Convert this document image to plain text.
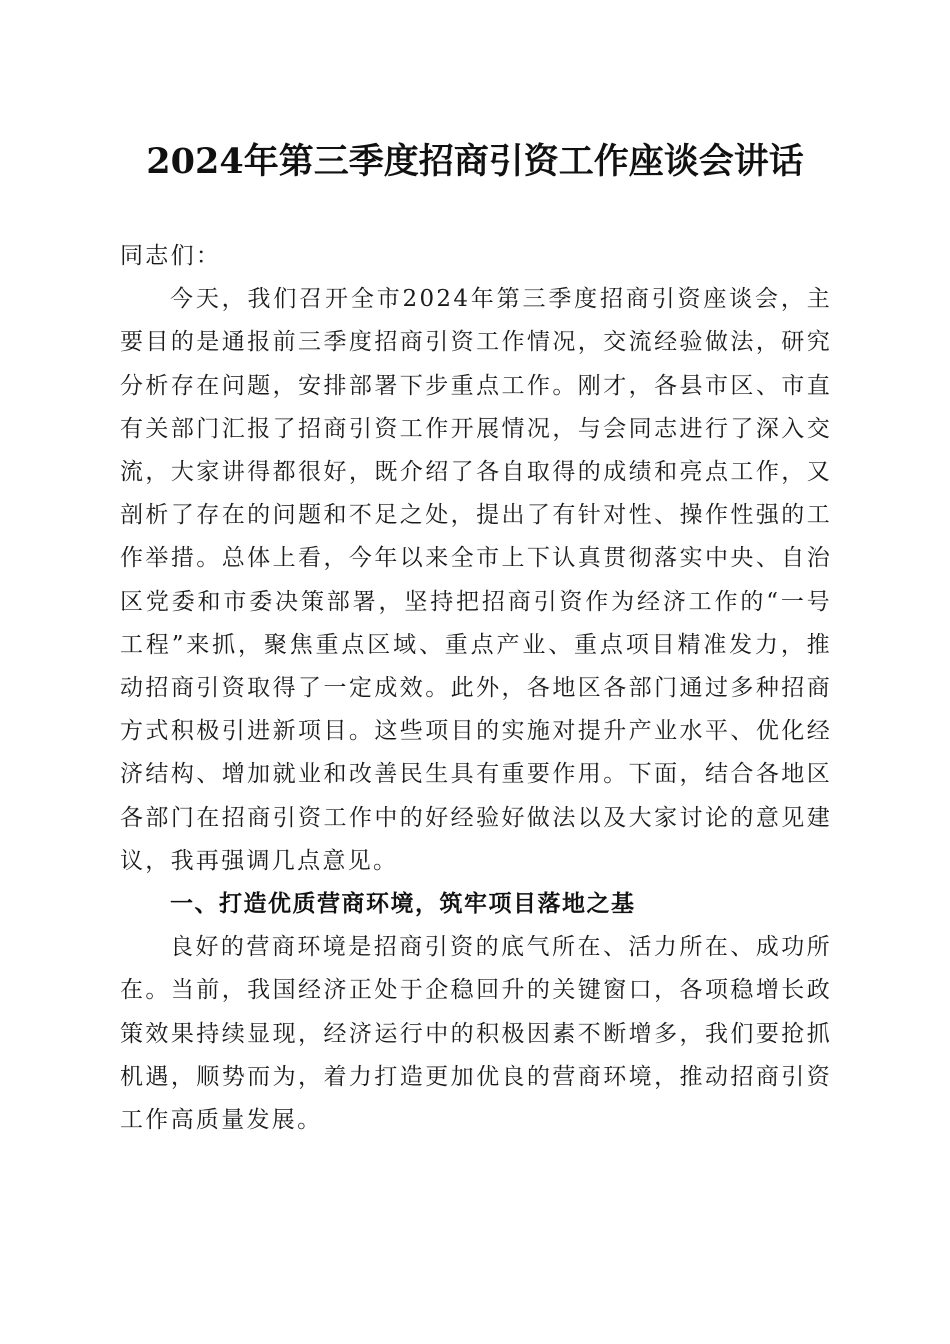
2024年第三季度招商引资工作座谈会讲话

同志们：

今天，我们召开全市2024年第三季度招商引资座谈会，主要目的是通报前三季度招商引资工作情况，交流经验做法，研究分析存在问题，安排部署下步重点工作。刚才，各县市区、市直有关部门汇报了招商引资工作开展情况，与会同志进行了深入交流，大家讲得都很好，既介绍了各自取得的成绩和亮点工作，又剖析了存在的问题和不足之处，提出了有针对性、操作性强的工作举措。总体上看，今年以来全市上下认真贯彻落实中央、自治区党委和市委决策部署，坚持把招商引资作为经济工作的“一号工程”来抓，聚焦重点区域、重点产业、重点项目精准发力，推动招商引资取得了一定成效。此外，各地区各部门通过多种招商方式积极引进新项目。这些项目的实施对提升产业水平、优化经济结构、增加就业和改善民生具有重要作用。下面，结合各地区各部门在招商引资工作中的好经验好做法以及大家讨论的意见建议，我再强调几点意见。

一、打造优质营商环境，筑牢项目落地之基

良好的营商环境是招商引资的底气所在、活力所在、成功所在。当前，我国经济正处于企稳回升的关键窗口，各项稳增长政策效果持续显现，经济运行中的积极因素不断增多，我们要抢抓机遇，顺势而为，着力打造更加优良的营商环境，推动招商引资工作高质量发展。
